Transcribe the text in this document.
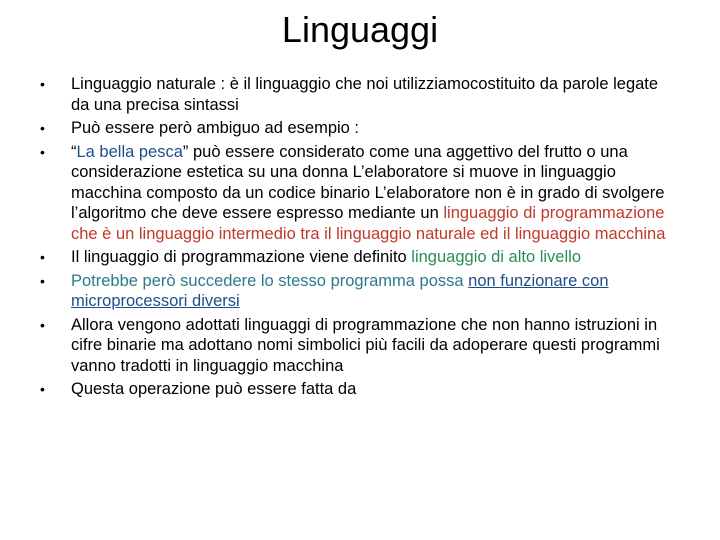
Linguaggi
• Linguaggio naturale : è il linguaggio che noi utilizziamocostituito da parole legate da una precisa sintassi
• Può essere però ambiguo ad esempio :
• “La bella pesca” può essere considerato come una aggettivo del frutto o una considerazione estetica su una donna L’elaboratore si muove in linguaggio macchina composto da un codice binario L’elaboratore non è in grado di svolgere l’algoritmo che deve essere espresso mediante un linguaggio di programmazione che è un linguaggio intermedio tra il linguaggio naturale ed il linguaggio macchina
• Il linguaggio di programmazione viene definito linguaggio di alto livello
• Potrebbe però succedere lo stesso programma possa non funzionare con microprocessori diversi
• Allora vengono adottati linguaggi di programmazione che non hanno istruzioni in cifre binarie ma adottano nomi simbolici più facili da adoperare questi programmi vanno tradotti in linguaggio macchina
• Questa operazione può essere fatta da
